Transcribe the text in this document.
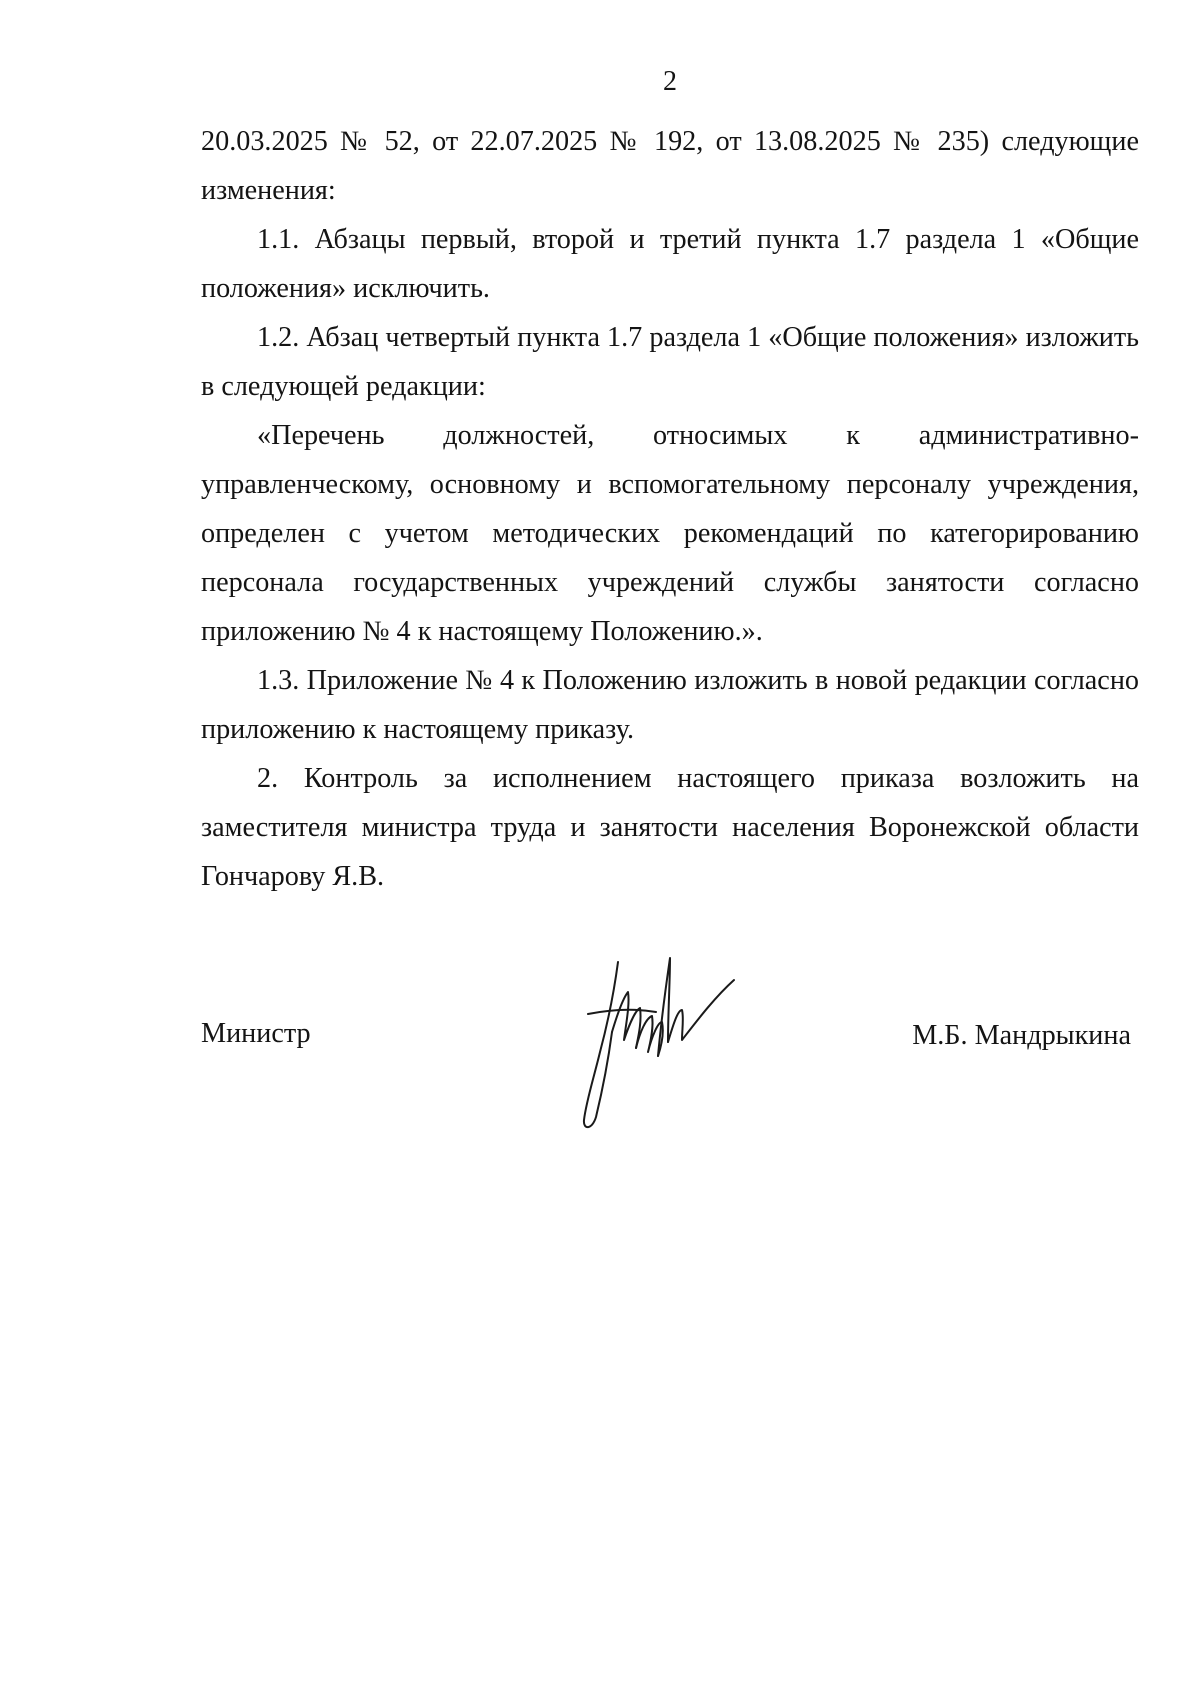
2

20.03.2025 № 52, от 22.07.2025 № 192, от 13.08.2025 № 235) следующие изменения:

1.1. Абзацы первый, второй и третий пункта 1.7 раздела 1 «Общие положения» исключить.

1.2. Абзац четвертый пункта 1.7 раздела 1 «Общие положения» изложить в следующей редакции:

«Перечень должностей, относимых к административно-управленческому, основному и вспомогательному персоналу учреждения, определен с учетом методических рекомендаций по категорированию персонала государственных учреждений службы занятости согласно приложению № 4 к настоящему Положению.».

1.3. Приложение № 4 к Положению изложить в новой редакции согласно приложению к настоящему приказу.

2. Контроль за исполнением настоящего приказа возложить на заместителя министра труда и занятости населения Воронежской области Гончарову Я.В.

Министр	М.Б. Мандрыкина
